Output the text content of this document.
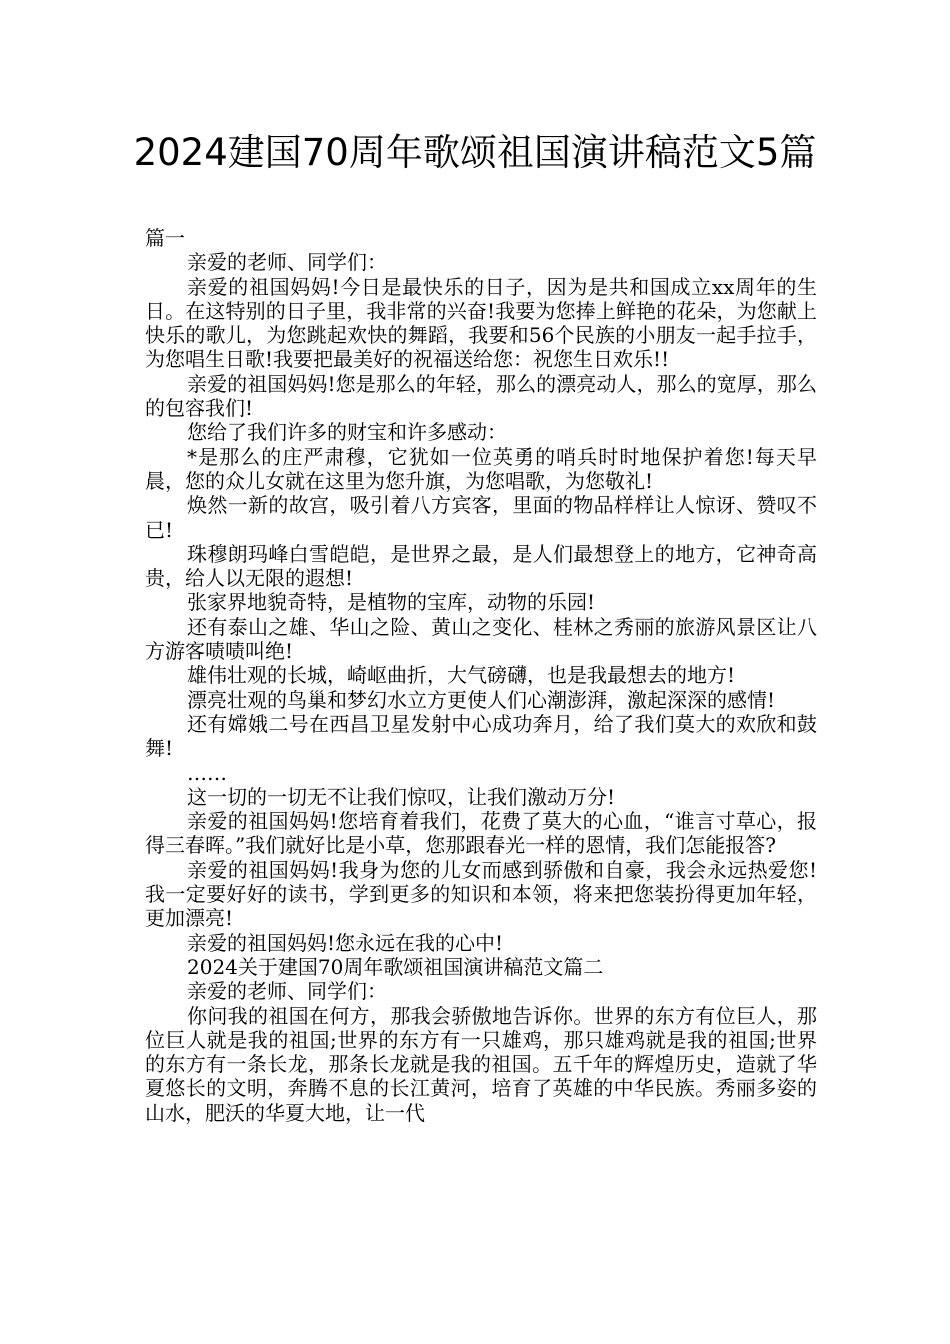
2024建国70周年歌颂祖国演讲稿范文5篇

篇一

亲爱的老师、同学们：

亲爱的祖国妈妈!今日是最快乐的日子，因为是共和国成立xx周年的生日。在这特别的日子里，我非常的兴奋!我要为您捧上鲜艳的花朵，为您献上快乐的歌儿，为您跳起欢快的舞蹈，我要和56个民族的小朋友一起手拉手，为您唱生日歌!我要把最美好的祝福送给您：祝您生日欢乐!!

亲爱的祖国妈妈!您是那么的年轻，那么的漂亮动人，那么的宽厚，那么的包容我们!

您给了我们许多的财宝和许多感动：

*是那么的庄严肃穆，它犹如一位英勇的哨兵时时地保护着您!每天早晨，您的众儿女就在这里为您升旗，为您唱歌，为您敬礼!

焕然一新的故宫，吸引着八方宾客，里面的物品样样让人惊讶、赞叹不已!

珠穆朗玛峰白雪皑皑，是世界之最，是人们最想登上的地方，它神奇高贵，给人以无限的遐想!

张家界地貌奇特，是植物的宝库，动物的乐园!

还有泰山之雄、华山之险、黄山之变化、桂林之秀丽的旅游风景区让八方游客啧啧叫绝!

雄伟壮观的长城，崎岖曲折，大气磅礴，也是我最想去的地方!

漂亮壮观的鸟巢和梦幻水立方更使人们心潮澎湃，激起深深的感情!

还有嫦娥二号在西昌卫星发射中心成功奔月，给了我们莫大的欢欣和鼓舞!

……

这一切的一切无不让我们惊叹，让我们激动万分!

亲爱的祖国妈妈!您培育着我们，花费了莫大的心血，“谁言寸草心，报得三春晖。”我们就好比是小草，您那跟春光一样的恩情，我们怎能报答?

亲爱的祖国妈妈!我身为您的儿女而感到骄傲和自豪，我会永远热爱您!我一定要好好的读书，学到更多的知识和本领，将来把您装扮得更加年轻，更加漂亮!

亲爱的祖国妈妈!您永远在我的心中!

2024关于建国70周年歌颂祖国演讲稿范文篇二

亲爱的老师、同学们：

你问我的祖国在何方，那我会骄傲地告诉你。世界的东方有位巨人，那位巨人就是我的祖国;世界的东方有一只雄鸡，那只雄鸡就是我的祖国;世界的东方有一条长龙，那条长龙就是我的祖国。五千年的辉煌历史，造就了华夏悠长的文明，奔腾不息的长江黄河，培育了英雄的中华民族。秀丽多姿的山水，肥沃的华夏大地，让一代
